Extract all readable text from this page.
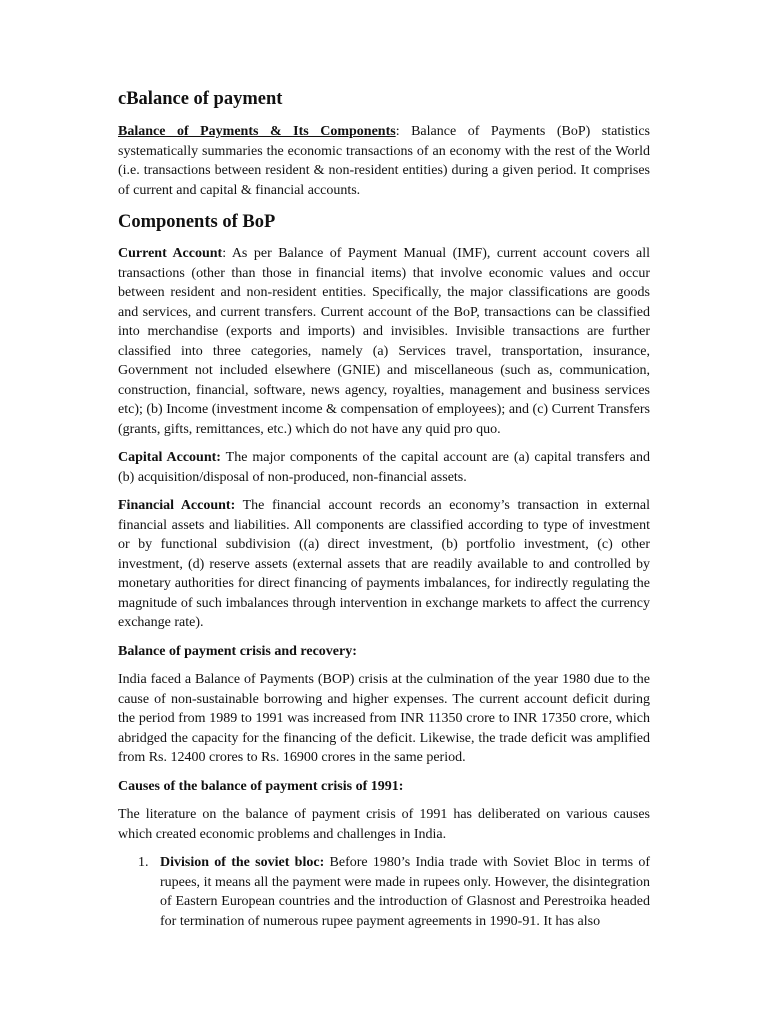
cBalance of payment

Balance of Payments & Its Components: Balance of Payments (BoP) statistics systematically summaries the economic transactions of an economy with the rest of the World (i.e. transactions between resident & non-resident entities) during a given period. It comprises of current and capital & financial accounts.

Components of BoP

Current Account: As per Balance of Payment Manual (IMF), current account covers all transactions (other than those in financial items) that involve economic values and occur between resident and non-resident entities. Specifically, the major classifications are goods and services, and current transfers. Current account of the BoP, transactions can be classified into merchandise (exports and imports) and invisibles. Invisible transactions are further classified into three categories, namely (a) Services travel, transportation, insurance, Government not included elsewhere (GNIE) and miscellaneous (such as, communication, construction, financial, software, news agency, royalties, management and business services etc); (b) Income (investment income & compensation of employees); and (c) Current Transfers (grants, gifts, remittances, etc.) which do not have any quid pro quo.

Capital Account: The major components of the capital account are (a) capital transfers and (b) acquisition/disposal of non-produced, non-financial assets.

Financial Account: The financial account records an economy’s transaction in external financial assets and liabilities. All components are classified according to type of investment or by functional subdivision ((a) direct investment, (b) portfolio investment, (c) other investment, (d) reserve assets (external assets that are readily available to and controlled by monetary authorities for direct financing of payments imbalances, for indirectly regulating the magnitude of such imbalances through intervention in exchange markets to affect the currency exchange rate).

Balance of payment crisis and recovery:

India faced a Balance of Payments (BOP) crisis at the culmination of the year 1980 due to the cause of non-sustainable borrowing and higher expenses. The current account deficit during the period from 1989 to 1991 was increased from INR 11350 crore to INR 17350 crore, which abridged the capacity for the financing of the deficit. Likewise, the trade deficit was amplified from Rs. 12400 crores to Rs. 16900 crores in the same period.

Causes of the balance of payment crisis of 1991:

The literature on the balance of payment crisis of 1991 has deliberated on various causes which created economic problems and challenges in India.

1. Division of the soviet bloc: Before 1980’s India trade with Soviet Bloc in terms of rupees, it means all the payment were made in rupees only. However, the disintegration of Eastern European countries and the introduction of Glasnost and Perestroika headed for termination of numerous rupee payment agreements in 1990-91. It has also
